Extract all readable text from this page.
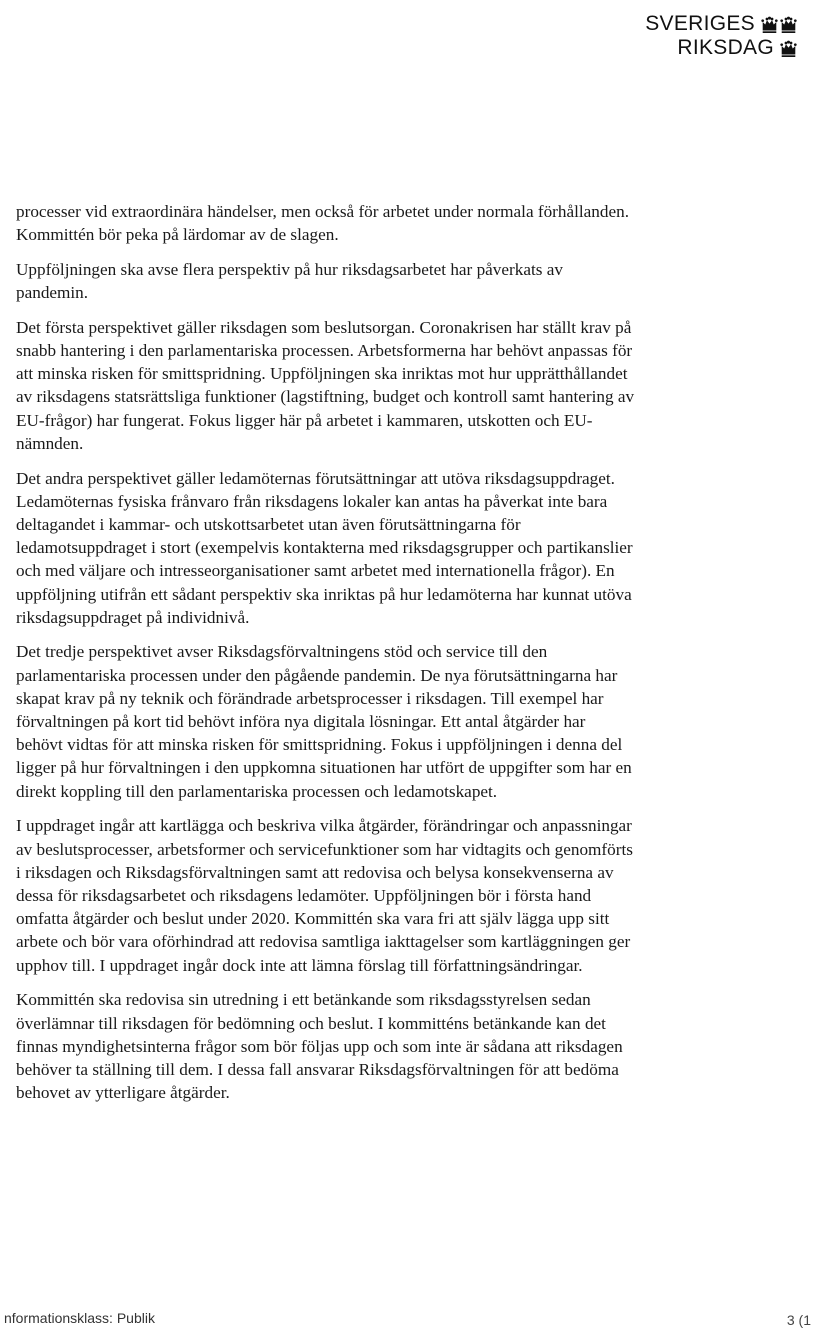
SVERIGES
RIKSDAG

processer vid extraordinära händelser, men också för arbetet under normala förhållanden. Kommittén bör peka på lärdomar av de slagen.

Uppföljningen ska avse flera perspektiv på hur riksdagsarbetet har påverkats av pandemin.

Det första perspektivet gäller riksdagen som beslutsorgan. Coronakrisen har ställt krav på snabb hantering i den parlamentariska processen. Arbetsformerna har behövt anpassas för att minska risken för smittspridning. Uppföljningen ska inriktas mot hur upprätthållandet av riksdagens statsrättsliga funktioner (lagstiftning, budget och kontroll samt hantering av EU-frågor) har fungerat. Fokus ligger här på arbetet i kammaren, utskotten och EU-nämnden.

Det andra perspektivet gäller ledamöternas förutsättningar att utöva riksdagsuppdraget. Ledamöternas fysiska frånvaro från riksdagens lokaler kan antas ha påverkat inte bara deltagandet i kammar- och utskottsarbetet utan även förutsättningarna för ledamotsuppdraget i stort (exempelvis kontakterna med riksdagsgrupper och partikanslier och med väljare och intresseorganisationer samt arbetet med internationella frågor). En uppföljning utifrån ett sådant perspektiv ska inriktas på hur ledamöterna har kunnat utöva riksdagsuppdraget på individnivå.

Det tredje perspektivet avser Riksdagsförvaltningens stöd och service till den parlamentariska processen under den pågående pandemin. De nya förutsättningarna har skapat krav på ny teknik och förändrade arbetsprocesser i riksdagen. Till exempel har förvaltningen på kort tid behövt införa nya digitala lösningar. Ett antal åtgärder har behövt vidtas för att minska risken för smittspridning. Fokus i uppföljningen i denna del ligger på hur förvaltningen i den uppkomna situationen har utfört de uppgifter som har en direkt koppling till den parlamentariska processen och ledamotskapet.

I uppdraget ingår att kartlägga och beskriva vilka åtgärder, förändringar och anpassningar av beslutsprocesser, arbetsformer och servicefunktioner som har vidtagits och genomförts i riksdagen och Riksdagsförvaltningen samt att redovisa och belysa konsekvenserna av dessa för riksdagsarbetet och riksdagens ledamöter. Uppföljningen bör i första hand omfatta åtgärder och beslut under 2020. Kommittén ska vara fri att själv lägga upp sitt arbete och bör vara oförhindrad att redovisa samtliga iakttagelser som kartläggningen ger upphov till. I uppdraget ingår dock inte att lämna förslag till författningsändringar.

Kommittén ska redovisa sin utredning i ett betänkande som riksdagsstyrelsen sedan överlämnar till riksdagen för bedömning och beslut. I kommitténs betänkande kan det finnas myndighetsinterna frågor som bör följas upp och som inte är sådana att riksdagen behöver ta ställning till dem. I dessa fall ansvarar Riksdagsförvaltningen för att bedöma behovet av ytterligare åtgärder.

nformationsklass: Publik	3 (1
